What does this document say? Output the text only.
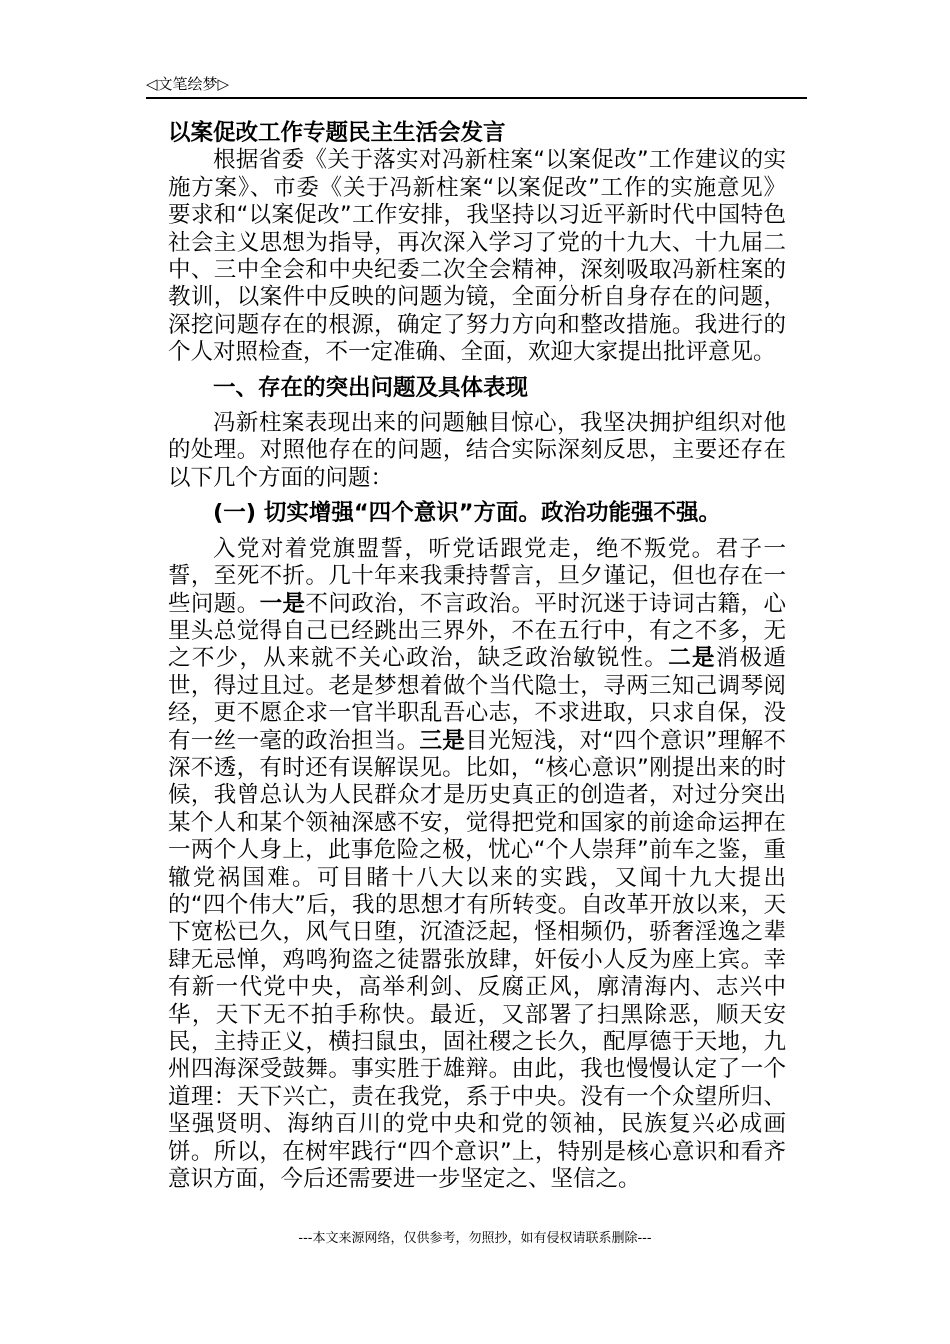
◁文笔绘梦▷

以案促改工作专题民主生活会发言

根据省委《关于落实对冯新柱案“以案促改”工作建议的实施方案》、市委《关于冯新柱案“以案促改”工作的实施意见》要求和“以案促改”工作安排，我坚持以习近平新时代中国特色社会主义思想为指导，再次深入学习了党的十九大、十九届二中、三中全会和中央纪委二次全会精神，深刻吸取冯新柱案的教训，以案件中反映的问题为镜，全面分析自身存在的问题，深挖问题存在的根源，确定了努力方向和整改措施。我进行的个人对照检查，不一定准确、全面，欢迎大家提出批评意见。

一、存在的突出问题及具体表现

冯新柱案表现出来的问题触目惊心，我坚决拥护组织对他的处理。对照他存在的问题，结合实际深刻反思，主要还存在以下几个方面的问题：

(一) 切实增强“四个意识”方面。政治功能强不强。

入党对着党旗盟誓，听党话跟党走，绝不叛党。君子一誓，至死不折。几十年来我秉持誓言，旦夕谨记，但也存在一些问题。一是不问政治，不言政治。平时沉迷于诗词古籍，心里头总觉得自己已经跳出三界外，不在五行中，有之不多，无之不少，从来就不关心政治，缺乏政治敏锐性。二是消极遁世，得过且过。老是梦想着做个当代隐士，寻两三知己调琴阅经，更不愿企求一官半职乱吾心志，不求进取，只求自保，没有一丝一毫的政治担当。三是目光短浅，对“四个意识”理解不深不透，有时还有误解误见。比如，“核心意识”刚提出来的时候，我曾总认为人民群众才是历史真正的创造者，对过分突出某个人和某个领袖深感不安，觉得把党和国家的前途命运押在一两个人身上，此事危险之极，忧心“个人崇拜”前车之鉴，重辙党祸国难。可目睹十八大以来的实践，又闻十九大提出的“四个伟大”后，我的思想才有所转变。自改革开放以来，天下宽松已久，风气日堕，沉渣泛起，怪相频仍，骄奢淫逸之辈肆无忌惮，鸡鸣狗盗之徒嚣张放肆，奸佞小人反为座上宾。幸有新一代党中央，高举利剑、反腐正风，廓清海内、志兴中华，天下无不拍手称快。最近，又部署了扫黑除恶，顺天安民，主持正义，横扫鼠虫，固社稷之长久，配厚德于天地，九州四海深受鼓舞。事实胜于雄辩。由此，我也慢慢认定了一个道理：天下兴亡，责在我党，系于中央。没有一个众望所归、坚强贤明、海纳百川的党中央和党的领袖，民族复兴必成画饼。所以，在树牢践行“四个意识”上，特别是核心意识和看齐意识方面，今后还需要进一步坚定之、坚信之。

---本文来源网络，仅供参考，勿照抄，如有侵权请联系删除---
